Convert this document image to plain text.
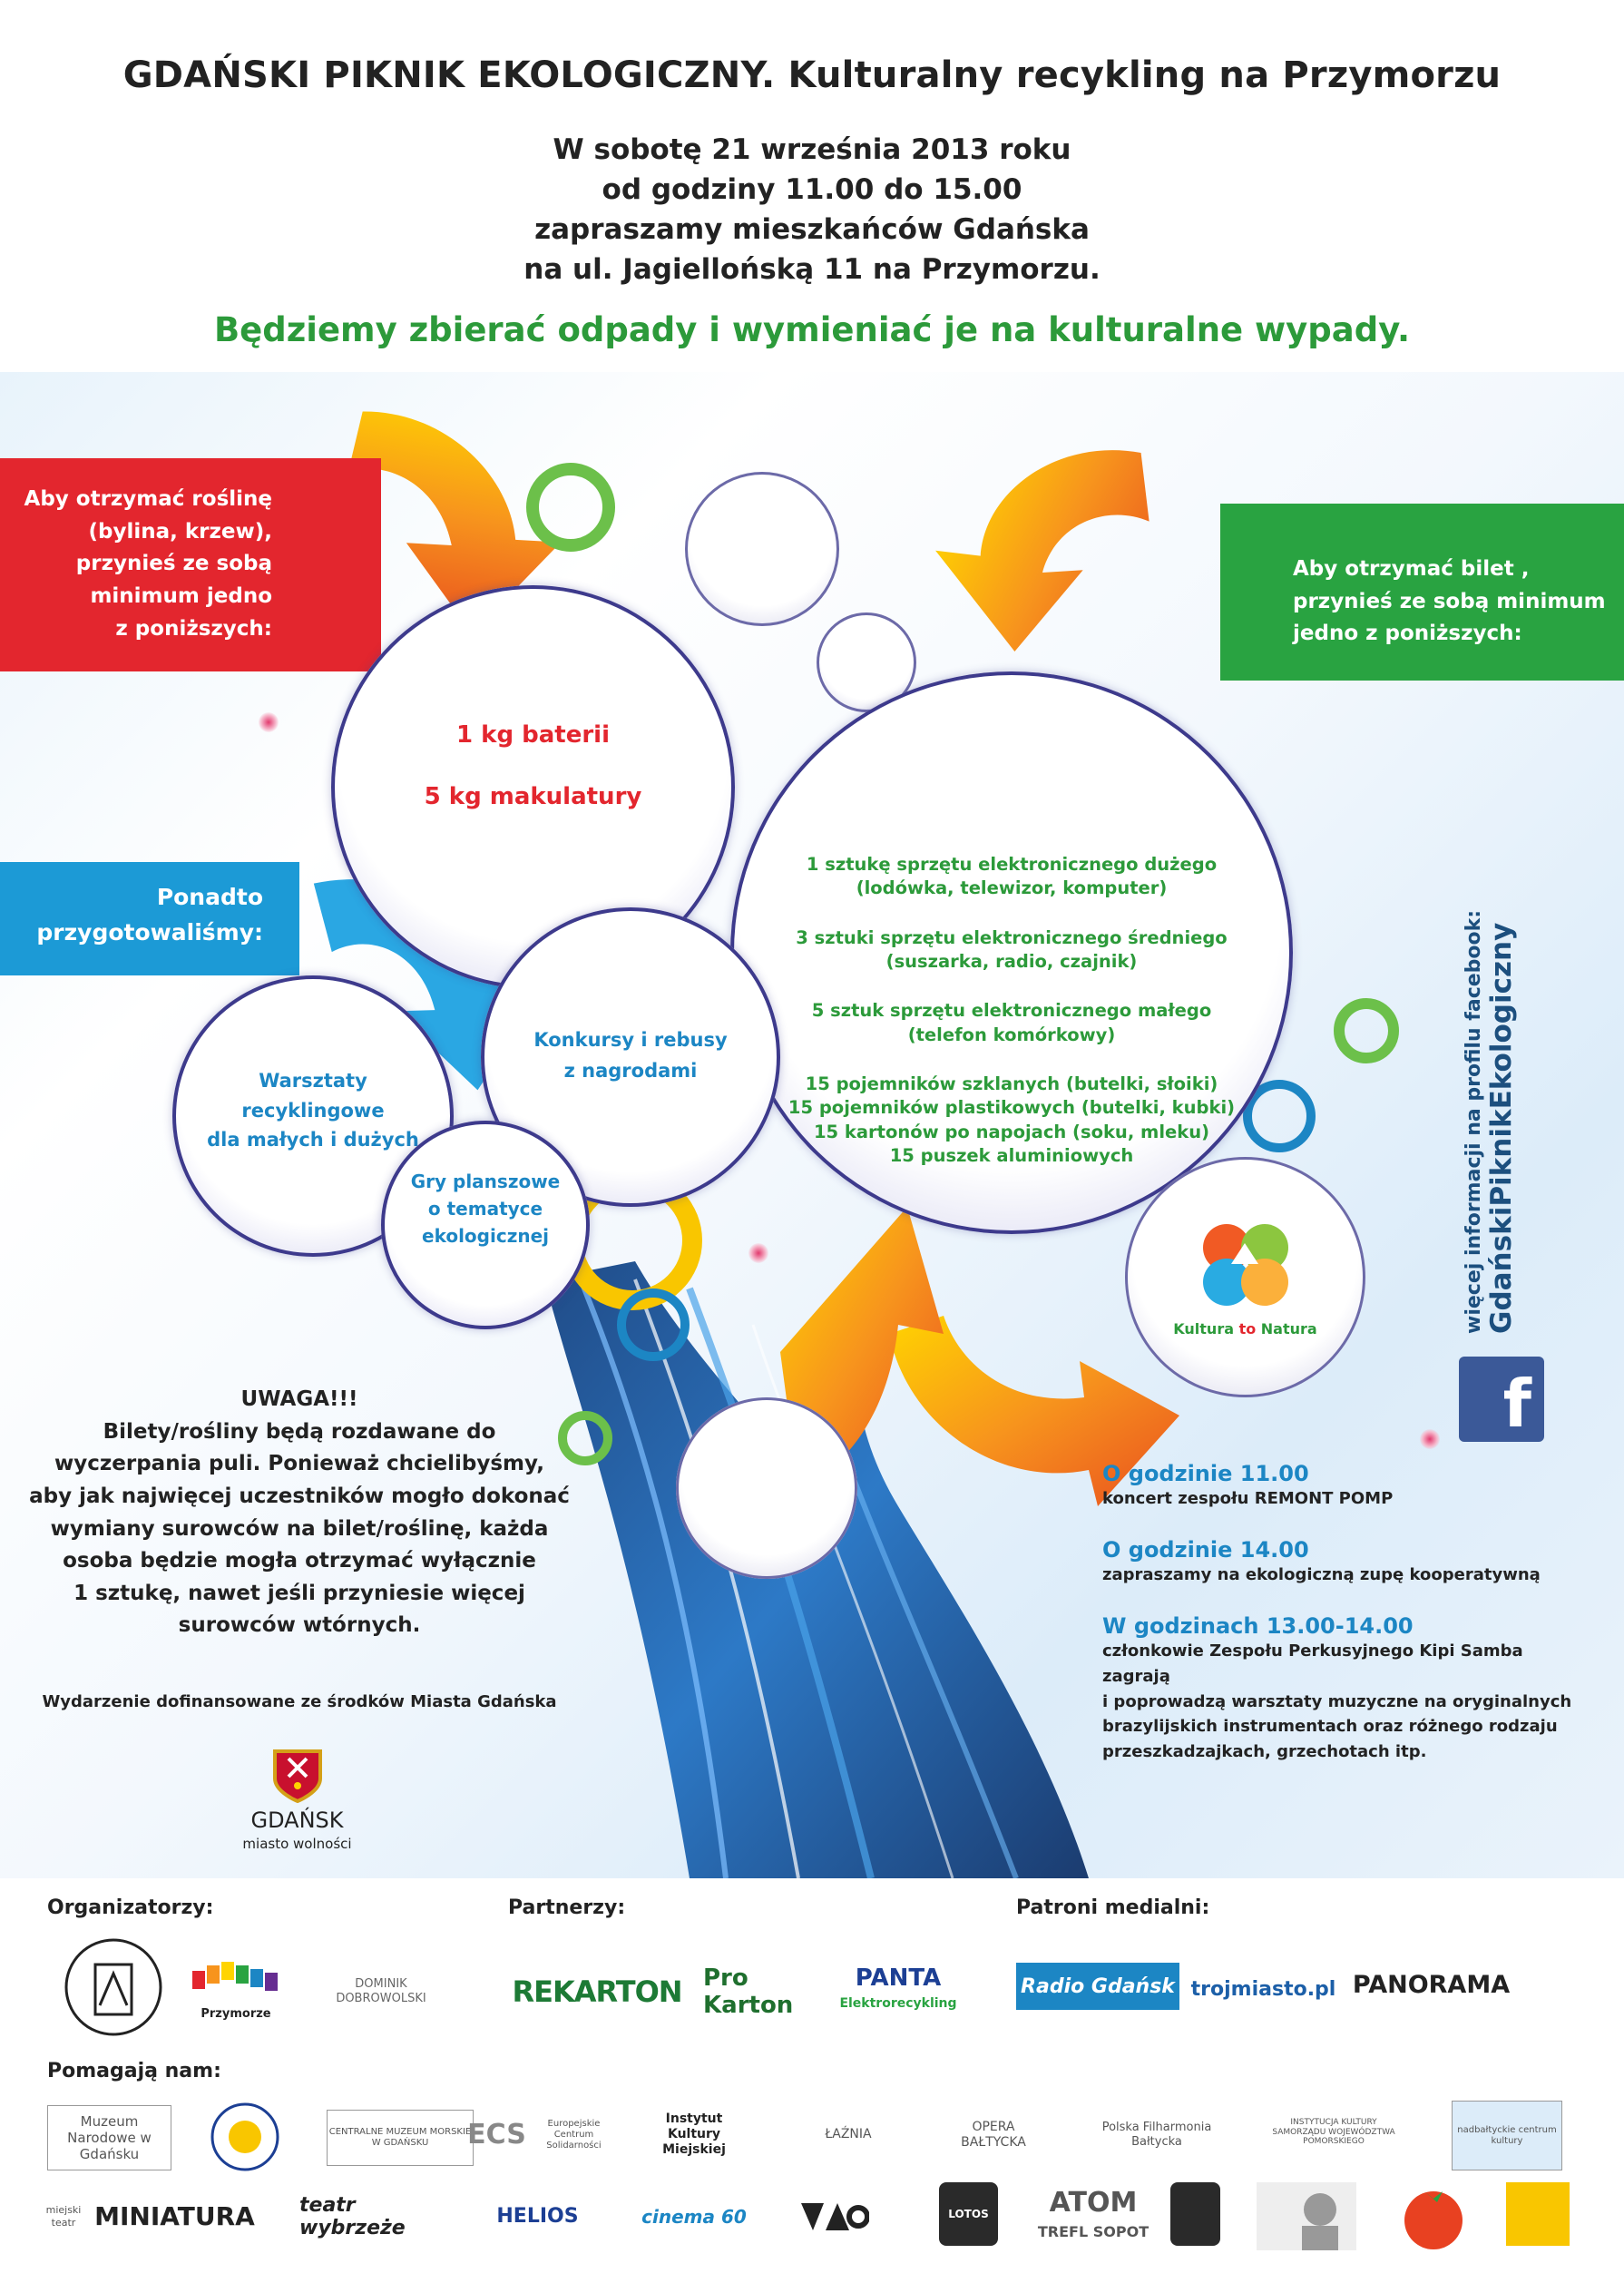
GDAŃSKI PIKNIK EKOLOGICZNY. Kulturalny recykling na Przymorzu
W sobotę 21 września 2013 roku
od godziny 11.00 do 15.00
zapraszamy mieszkańców Gdańska
na ul. Jagiellońską 11 na Przymorzu.
Będziemy zbierać odpady i wymieniać je na kulturalne wypady.
Aby otrzymać roślinę
(bylina, krzew),
przynieś ze sobą
minimum jedno
z poniższych:
Aby otrzymać bilet ,
przynieś ze sobą minimum
jedno z poniższych:
Ponadto
przygotowaliśmy:
1 kg baterii
5 kg makulatury
1 sztukę sprzętu elektronicznego dużego
(lodówka, telewizor, komputer)
3 sztuki sprzętu elektronicznego średniego
(suszarka, radio, czajnik)
5 sztuk sprzętu elektronicznego małego
(telefon komórkowy)
15 pojemników szklanych (butelki, słoiki)
15 pojemników plastikowych (butelki, kubki)
15 kartonów po napojach (soku, mleku)
15 puszek aluminiowych
Konkursy i rebusy
z nagrodami
Warsztaty
recyklingowe
dla małych i dużych
Gry planszowe
o tematyce
ekologicznej
Kultura to Natura	więcej informacji na profilu facebook: GdańskiPiknikEkologiczny
f
UWAGA!!!
Bilety/rośliny będą rozdawane do
wyczerpania puli. Ponieważ chcielibyśmy,
aby jak najwięcej uczestników mogło dokonać
wymiany surowców na bilet/roślinę, każda
osoba będzie mogła otrzymać wyłącznie
1 sztukę, nawet jeśli przyniesie więcej
surowców wtórnych.
Wydarzenie dofinansowane ze środków Miasta Gdańska
GDAŃSK
miasto wolności
O godzinie 11.00
koncert zespołu REMONT POMP
O godzinie 14.00
zapraszamy na ekologiczną zupę kooperatywną
W godzinach 13.00-14.00
członkowie Zespołu Perkusyjnego Kipi Samba zagrają
i poprowadzą warsztaty muzyczne na oryginalnych
brazylijskich instrumentach oraz różnego rodzaju
przeszkadzajkach, grzechotach itp.
Organizatorzy:	Partnerzy:	Patroni medialni:
Pomagają nam:
Przymorze
DOMINIK DOBROWOLSKI	REKARTON Pro Karton
PANTA
Elektrorecykling
Radio Gdańsk trojmiasto.pl PANORAMA
Muzeum Narodowe w Gdańsku
CENTRALNE MUZEUM MORSKIE W GDAŃSKU	ECS	Europejskie Centrum Solidarności
Instytut Kultury Miejskiej
ŁAŹNIA
OPERA BAŁTYCKA
Polska Filharmonia Bałtycka
INSTYTUCJA KULTURY SAMORZĄDU WOJEWÓDZTWA POMORSKIEGO
nadbałtyckie centrum kultury
miejski teatr MINIATURA	teatr wybrzeże	HELIOS	cinema 60	LOTOS	ATOM
TREFL SOPOT
